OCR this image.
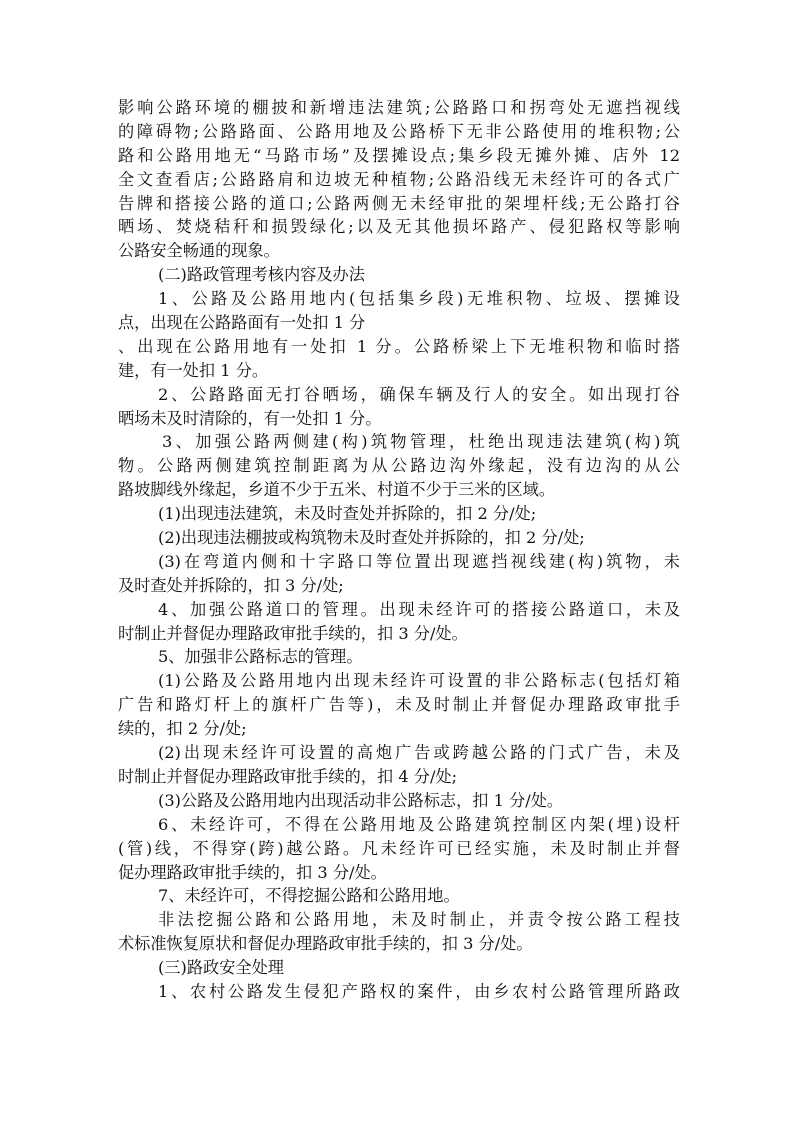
影响公路环境的棚披和新增违法建筑;公路路口和拐弯处无遮挡视线
的障碍物;公路路面、公路用地及公路桥下无非公路使用的堆积物;公
路和公路用地无“马路市场”及摆摊设点;集乡段无摊外摊、店外 12
全文查看店;公路路肩和边坡无种植物;公路沿线无未经许可的各式广
告牌和搭接公路的道口;公路两侧无未经审批的架埋杆线;无公路打谷
晒场、焚烧秸秆和损毁绿化;以及无其他损坏路产、侵犯路权等影响
公路安全畅通的现象。
(二)路政管理考核内容及办法
1、公路及公路用地内(包括集乡段)无堆积物、垃圾、摆摊设
点，出现在公路路面有一处扣 1 分
、出现在公路用地有一处扣 1 分。公路桥梁上下无堆积物和临时搭
建，有一处扣 1 分。
2、公路路面无打谷晒场，确保车辆及行人的安全。如出现打谷
晒场未及时清除的，有一处扣 1 分。
3、加强公路两侧建(构)筑物管理，杜绝出现违法建筑(构)筑
物。公路两侧建筑控制距离为从公路边沟外缘起，没有边沟的从公
路坡脚线外缘起，乡道不少于五米、村道不少于三米的区域。
(1)出现违法建筑，未及时查处并拆除的，扣 2 分/处;
(2)出现违法棚披或构筑物未及时查处并拆除的，扣 2 分/处;
(3)在弯道内侧和十字路口等位置出现遮挡视线建(构)筑物，未
及时查处并拆除的，扣 3 分/处;
4、加强公路道口的管理。出现未经许可的搭接公路道口，未及
时制止并督促办理路政审批手续的，扣 3 分/处。
5、加强非公路标志的管理。
(1)公路及公路用地内出现未经许可设置的非公路标志(包括灯箱
广告和路灯杆上的旗杆广告等)，未及时制止并督促办理路政审批手
续的，扣 2 分/处;
(2)出现未经许可设置的高炮广告或跨越公路的门式广告，未及
时制止并督促办理路政审批手续的，扣 4 分/处;
(3)公路及公路用地内出现活动非公路标志，扣 1 分/处。
6、未经许可，不得在公路用地及公路建筑控制区内架(埋)设杆
(管)线，不得穿(跨)越公路。凡未经许可已经实施，未及时制止并督
促办理路政审批手续的，扣 3 分/处。
7、未经许可，不得挖掘公路和公路用地。
非法挖掘公路和公路用地，未及时制止，并责令按公路工程技
术标准恢复原状和督促办理路政审批手续的，扣 3 分/处。
(三)路政安全处理
1、农村公路发生侵犯产路权的案件，由乡农村公路管理所路政
